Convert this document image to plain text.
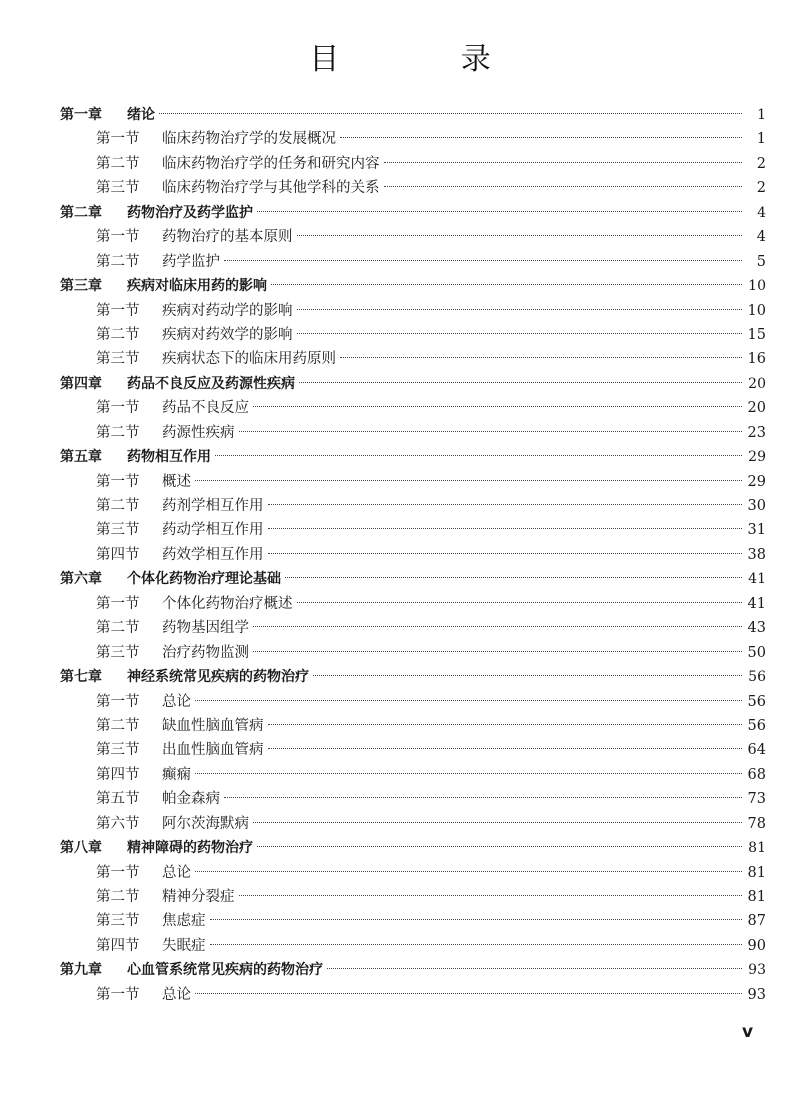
目 录
第一章	绪论	1
第一节	临床药物治疗学的发展概况	1
第二节	临床药物治疗学的任务和研究内容	2
第三节	临床药物治疗学与其他学科的关系	2
第二章	药物治疗及药学监护	4
第一节	药物治疗的基本原则	4
第二节	药学监护	5
第三章	疾病对临床用药的影响	10
第一节	疾病对药动学的影响	10
第二节	疾病对药效学的影响	15
第三节	疾病状态下的临床用药原则	16
第四章	药品不良反应及药源性疾病	20
第一节	药品不良反应	20
第二节	药源性疾病	23
第五章	药物相互作用	29
第一节	概述	29
第二节	药剂学相互作用	30
第三节	药动学相互作用	31
第四节	药效学相互作用	38
第六章	个体化药物治疗理论基础	41
第一节	个体化药物治疗概述	41
第二节	药物基因组学	43
第三节	治疗药物监测	50
第七章	神经系统常见疾病的药物治疗	56
第一节	总论	56
第二节	缺血性脑血管病	56
第三节	出血性脑血管病	64
第四节	癫痫	68
第五节	帕金森病	73
第六节	阿尔茨海默病	78
第八章	精神障碍的药物治疗	81
第一节	总论	81
第二节	精神分裂症	81
第三节	焦虑症	87
第四节	失眠症	90
第九章	心血管系统常见疾病的药物治疗	93
第一节	总论	93
v
